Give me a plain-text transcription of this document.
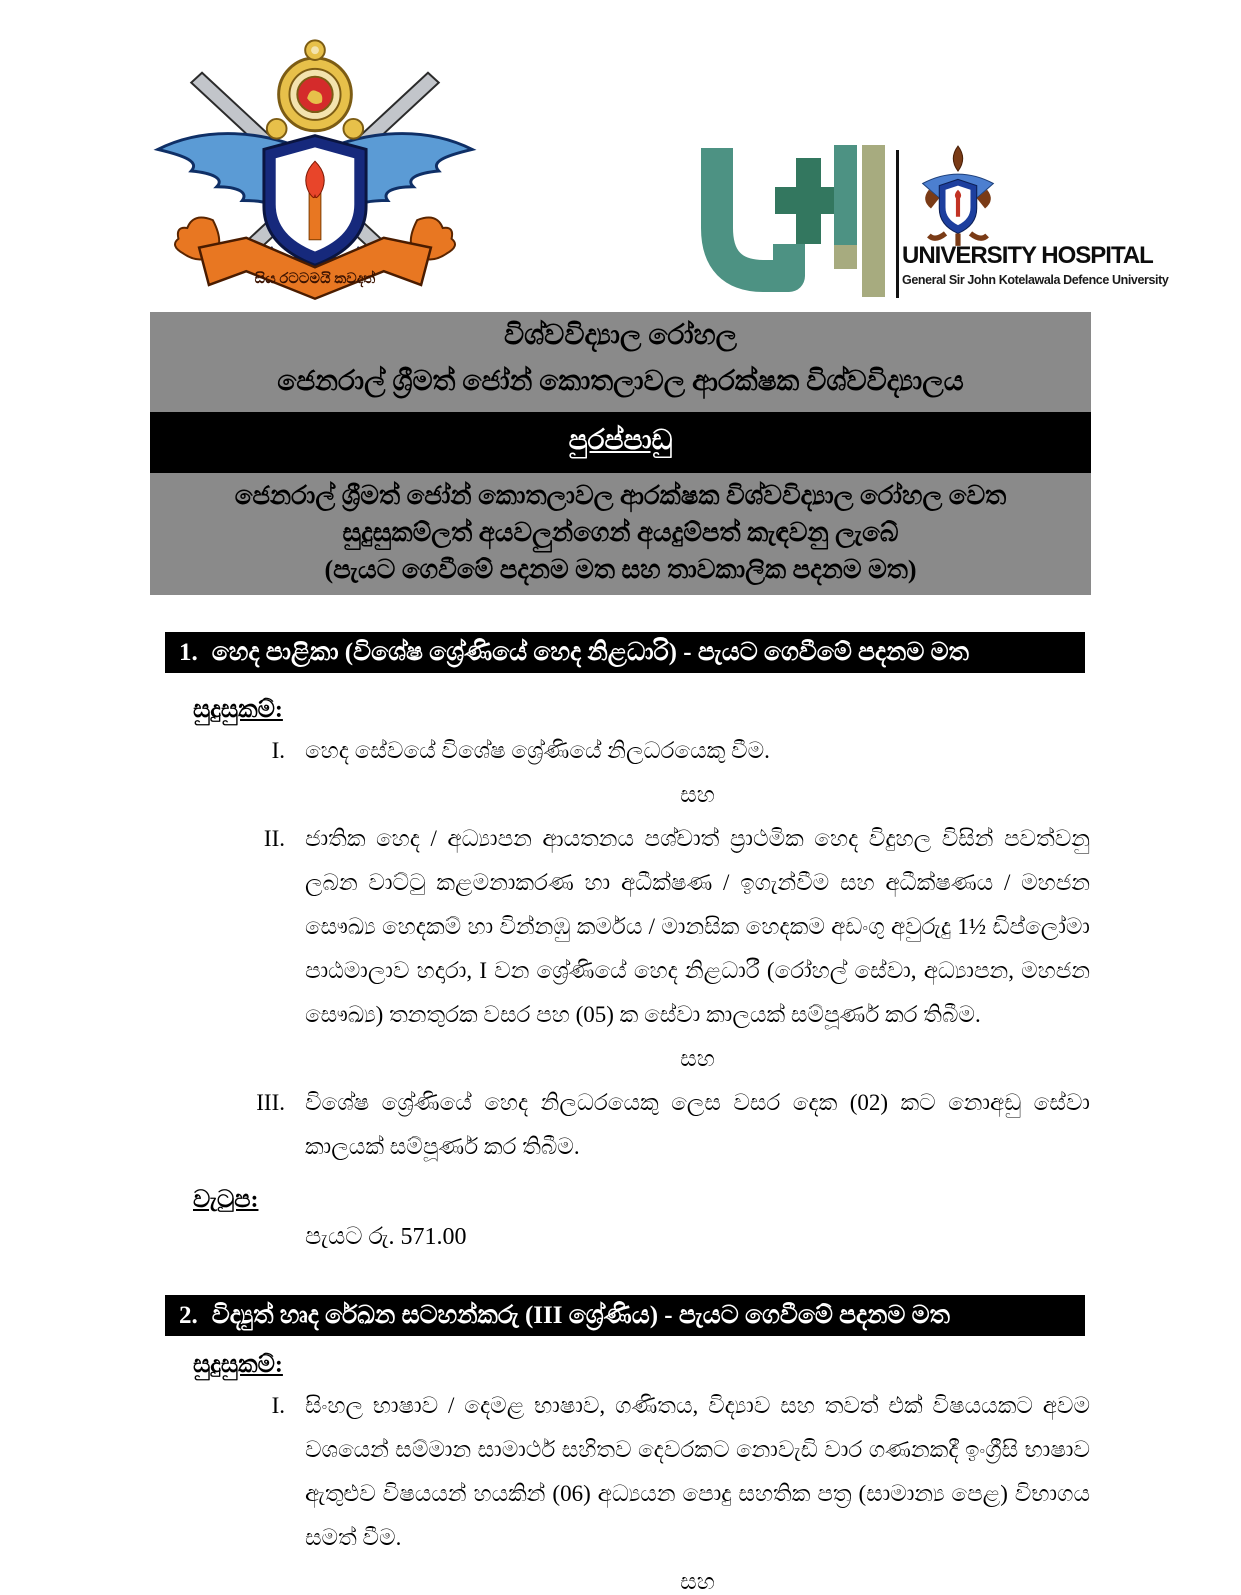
සිය රටටමයි කවදත්
UNIVERSITY HOSPITAL
General Sir John Kotelawala Defence University
විශ්වවිද්‍යාල රෝහල
ජෙනරාල් ශ්‍රීමත් ජෝන් කොතලාවල ආරක්ෂක විශ්වවිද්‍යාලය
පුරප්පාඩු
ජෙනරාල් ශ්‍රීමත් ජෝන් කොතලාවල ආරක්ෂක විශ්වවිද්‍යාල රෝහල වෙත
සුදුසුකම්ලත් අයවලුන්ගෙන් අයදුම්පත් කැඳවනු ලැබේ
(පැයට ගෙවීමේ පදනම මත සහ තාවකාලික පදනම මත)
1. හෙද පාළිකා (විශේෂ ශ්‍රේණියේ හෙද නිළධාරි) - පැයට ගෙවීමේ පදනම මත
සුදුසුකම්:
I. හෙද සේවයේ විශේෂ ශ්‍රේණියේ නිලධරයෙකු වීම.
සහ
II. ජාතික හෙද / අධ්‍යාපන ආයතනය පශ්චාත් ප්‍රාථමික හෙද විදුහල විසින් පවත්වනු ලබන වාට්ටු කළමනාකරණ හා අධීක්ෂණ / ඉගැන්වීම සහ අධීක්ෂණය / මහජන සෞඛ්‍ය හෙදකම් හා වින්නඹු කර්මය / මානසික හෙදකම අඩංගු අවුරුදු 1½ ඩිප්ලෝමා පාඨමාලාව හදාරා, I වන ශ්‍රේණියේ හෙද නිළධාරී (රෝහල් සේවා, අධ්‍යාපන, මහජන සෞඛ්‍ය) තනතුරක වසර පහ (05) ක සේවා කාලයක් සම්පූර්ණ කර තිබීම.
සහ
III. විශේෂ ශ්‍රේණියේ හෙද නිලධරයෙකු ලෙස වසර දෙක (02) කට නොඅඩු සේවා කාලයක් සම්පූර්ණ කර තිබීම.
වැටුප:
පැයට රු. 571.00
2. විද්‍යුත් හෘද රේඛන සටහන්කරු (III ශ්‍රේණිය) - පැයට ගෙවීමේ පදනම මත
සුදුසුකම්:
I. සිංහල භාෂාව / දෙමළ භාෂාව, ගණිතය, විද්‍යාව සහ තවත් එක් විෂයයකට අවම වශයෙන් සම්මාන සාමාර්ථ සහිතව දෙවරකට නොවැඩි වාර ගණනකදී ඉංග්‍රීසි භාෂාව ඇතුළුව විෂයයන් හයකින් (06) අධ්‍යයන පොදු සහතික පත්‍ර (සාමාන්‍ය පෙළ) විභාගය සමත් වීම.
සහ
